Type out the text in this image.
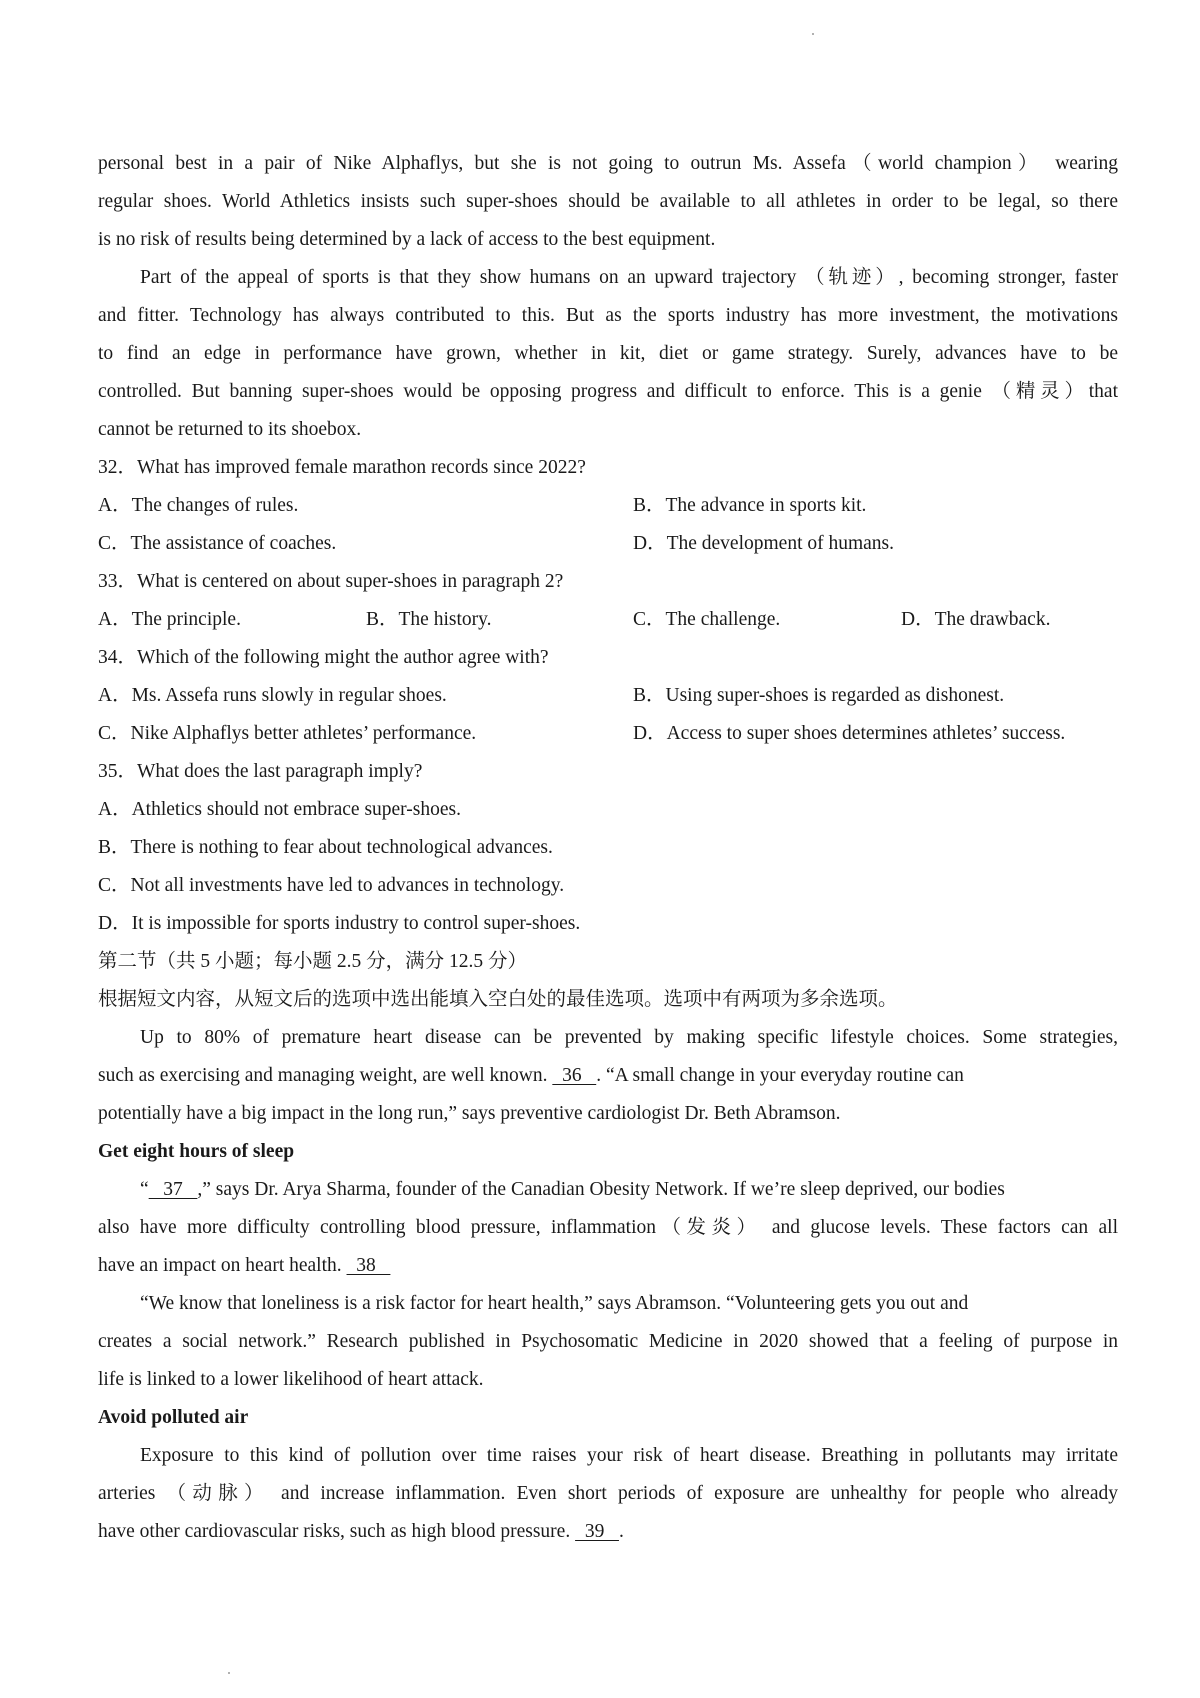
personal best in a pair of Nike Alphaflys, but she is not going to outrun Ms. Assefa（world champion） wearing
regular shoes. World Athletics insists such super-shoes should be available to all athletes in order to be legal, so there
is no risk of results being determined by a lack of access to the best equipment.
Part of the appeal of sports is that they show humans on an upward trajectory （轨迹）, becoming stronger, faster
and fitter. Technology has always contributed to this. But as the sports industry has more investment, the motivations
to find an edge in performance have grown, whether in kit, diet or game strategy. Surely, advances have to be
controlled. But banning super-shoes would be opposing progress and difficult to enforce. This is a genie （精灵）that
cannot be returned to its shoebox.
32．What has improved female marathon records since 2022?
A．The changes of rules.	B．The advance in sports kit.
C．The assistance of coaches.	D．The development of humans.
33．What is centered on about super-shoes in paragraph 2?
A．The principle.	B．The history.	C．The challenge.	D．The drawback.
34．Which of the following might the author agree with?
A．Ms. Assefa runs slowly in regular shoes.	B．Using super-shoes is regarded as dishonest.
C．Nike Alphaflys better athletes’ performance.	D．Access to super shoes determines athletes’ success.
35．What does the last paragraph imply?
A．Athletics should not embrace super-shoes.
B．There is nothing to fear about technological advances.
C．Not all investments have led to advances in technology.
D．It is impossible for sports industry to control super-shoes.
第二节（共 5 小题；每小题 2.5 分，满分 12.5 分）
根据短文内容，从短文后的选项中选出能填入空白处的最佳选项。选项中有两项为多余选项。
Up to 80% of premature heart disease can be prevented by making specific lifestyle choices. Some strategies,
such as exercising and managing weight, are well known.   36   . “A small change in your everyday routine can
potentially have a big impact in the long run,” says preventive cardiologist Dr. Beth Abramson.
Get eight hours of sleep
“   37   ,” says Dr. Arya Sharma, founder of the Canadian Obesity Network. If we’re sleep deprived, our bodies
also have more difficulty controlling blood pressure, inflammation（发炎） and glucose levels. These factors can all
have an impact on heart health.   38
“We know that loneliness is a risk factor for heart health,” says Abramson. “Volunteering gets you out and
creates a social network.” Research published in Psychosomatic Medicine in 2020 showed that a feeling of purpose in
life is linked to a lower likelihood of heart attack.
Avoid polluted air
Exposure to this kind of pollution over time raises your risk of heart disease. Breathing in pollutants may irritate
arteries （动脉） and increase inflammation. Even short periods of exposure are unhealthy for people who already
have other cardiovascular risks, such as high blood pressure.   39   .
